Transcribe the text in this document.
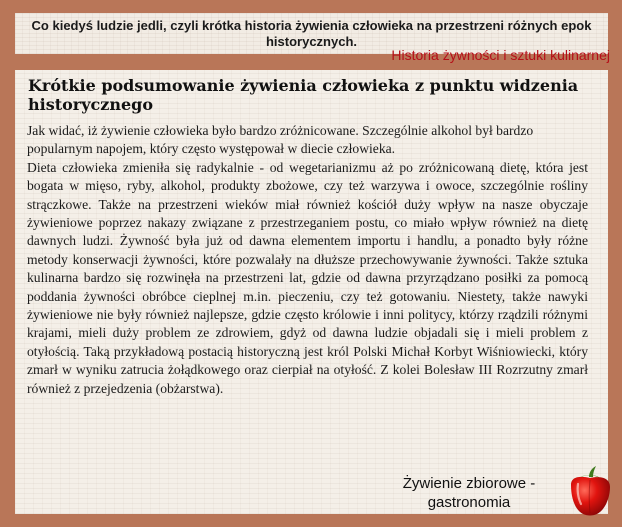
Co kiedyś ludzie jedli, czyli krótka historia żywienia człowieka na przestrzeni różnych epok historycznych.
Historia żywności i sztuki kulinarnej
Krótkie podsumowanie żywienia człowieka z punktu widzenia historycznego

Jak widać, iż żywienie człowieka było bardzo zróżnicowane. Szczególnie alkohol był bardzo popularnym napojem, który często występował w diecie człowieka.

Dieta człowieka zmieniła się radykalnie - od wegetarianizmu aż po zróżnicowaną dietę, która jest bogata w mięso, ryby, alkohol, produkty zbożowe, czy też warzywa i owoce, szczególnie rośliny strączkowe. Także na przestrzeni wieków miał również kościół duży wpływ na nasze obyczaje żywieniowe poprzez nakazy związane z przestrzeganiem postu, co miało wpływ również na dietę dawnych ludzi. Żywność była już od dawna elementem importu i handlu, a ponadto były różne metody konserwacji żywności, które pozwalały na dłuższe przechowywanie żywności. Także sztuka kulinarna bardzo się rozwinęła na przestrzeni lat, gdzie od dawna przyrządzano posiłki za pomocą poddania żywności obróbce cieplnej m.in. pieczeniu, czy też gotowaniu. Niestety, także nawyki żywieniowe nie były również najlepsze, gdzie często królowie i inni politycy, którzy rządzili różnymi krajami, mieli duży problem ze zdrowiem, gdyż od dawna ludzie objadali się i mieli problem z otyłością. Taką przykładową postacią historyczną jest król Polski Michał Korbyt Wiśniowiecki, który zmarł w wyniku zatrucia żołądkowego oraz cierpiał na otyłość. Z kolei Bolesław III Rozrzutny zmarł również z przejedzenia (obżarstwa).

Żywienie zbiorowe - gastronomia
